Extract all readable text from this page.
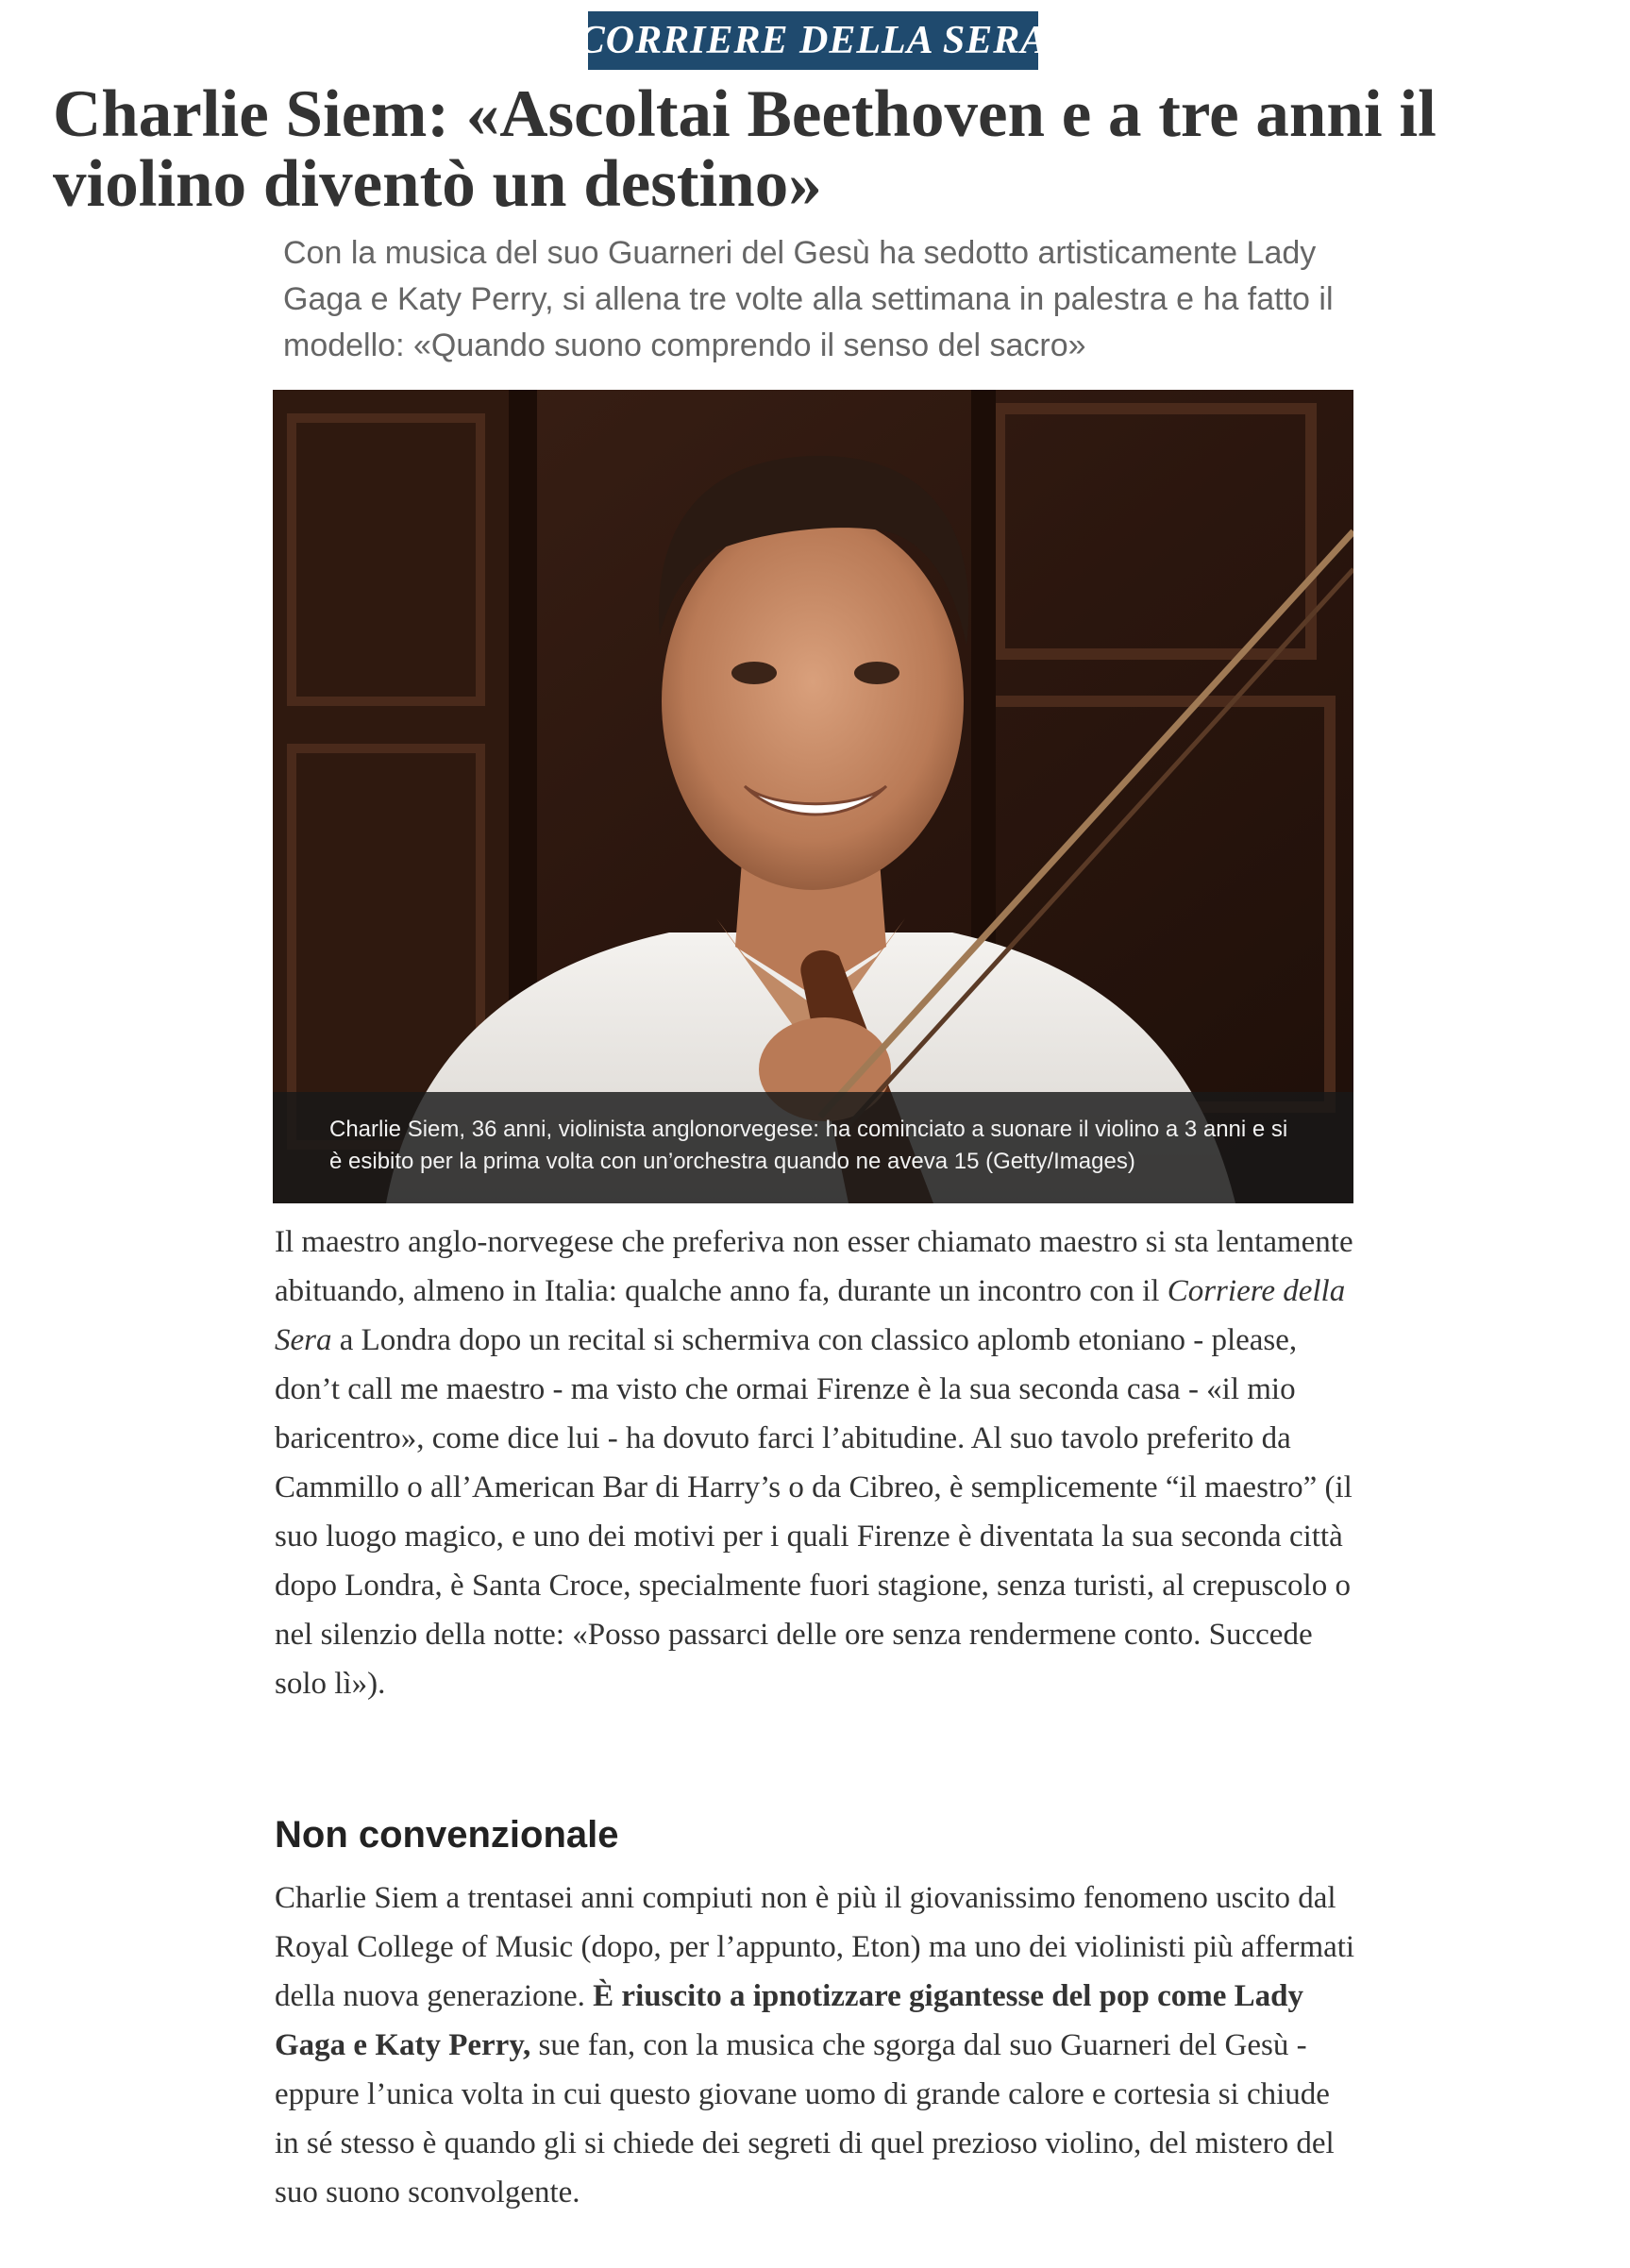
CORRIERE DELLA SERA
Charlie Siem: «Ascoltai Beethoven e a tre anni il violino diventò un destino»

Con la musica del suo Guarneri del Gesù ha sedotto artisticamente Lady Gaga e Katy Perry, si allena tre volte alla settimana in palestra e ha fatto il modello: «Quando suono comprendo il senso del sacro»

Charlie Siem, 36 anni, violinista anglonorvegese: ha cominciato a suonare il violino a 3 anni e si è esibito per la prima volta con un’orchestra quando ne aveva 15 (Getty/Images)

Il maestro anglo-norvegese che preferiva non esser chiamato maestro si sta lentamente abituando, almeno in Italia: qualche anno fa, durante un incontro con il Corriere della Sera a Londra dopo un recital si schermiva con classico aplomb etoniano - please, don’t call me maestro - ma visto che ormai Firenze è la sua seconda casa - «il mio baricentro», come dice lui - ha dovuto farci l’abitudine. Al suo tavolo preferito da Cammillo o all’American Bar di Harry’s o da Cibreo, è semplicemente “il maestro” (il suo luogo magico, e uno dei motivi per i quali Firenze è diventata la sua seconda città dopo Londra, è Santa Croce, specialmente fuori stagione, senza turisti, al crepuscolo o nel silenzio della notte: «Posso passarci delle ore senza rendermene conto. Succede solo lì»).

Non convenzionale

Charlie Siem a trentasei anni compiuti non è più il giovanissimo fenomeno uscito dal Royal College of Music (dopo, per l’appunto, Eton) ma uno dei violinisti più affermati della nuova generazione. È riuscito a ipnotizzare gigantesse del pop come Lady Gaga e Katy Perry, sue fan, con la musica che sgorga dal suo Guarneri del Gesù - eppure l’unica volta in cui questo giovane uomo di grande calore e cortesia si chiude in sé stesso è quando gli si chiede dei segreti di quel prezioso violino, del mistero del suo suono sconvolgente.
